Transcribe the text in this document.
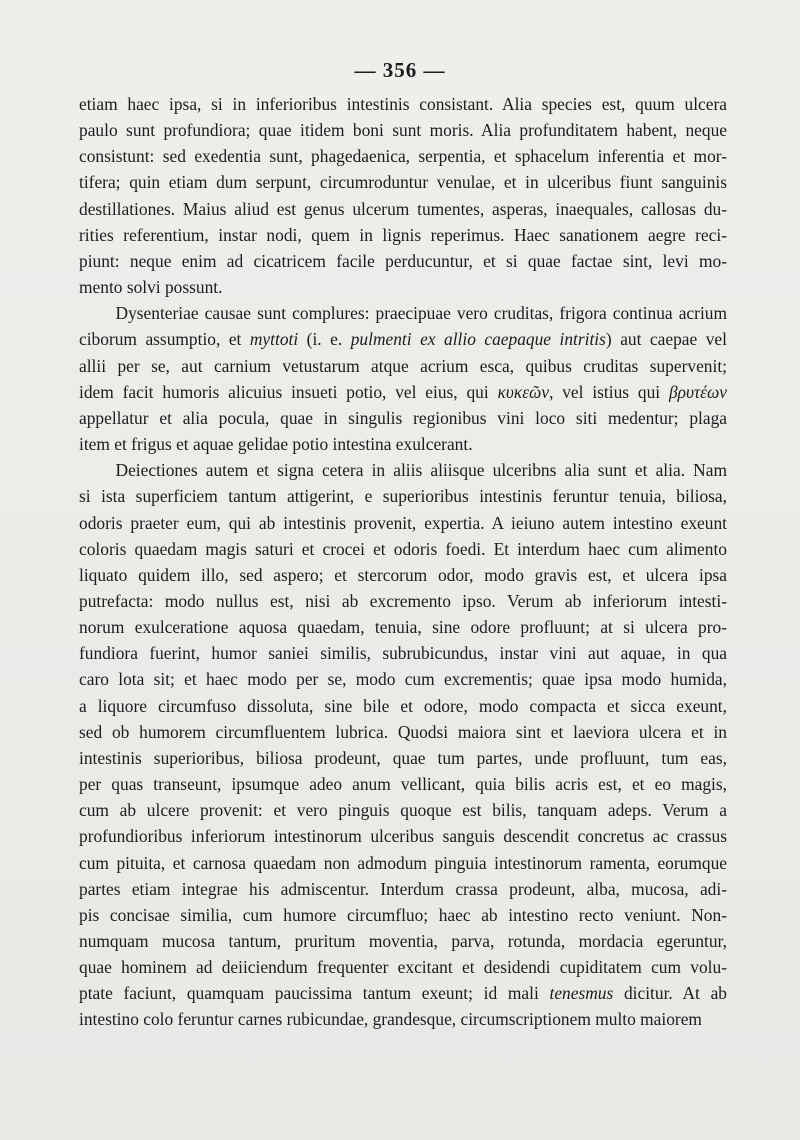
— 356 —
etiam haec ipsa, si in inferioribus intestinis consistant. Alia species est, quum ulcera
paulo sunt profundiora; quae itidem boni sunt moris. Alia profunditatem habent, neque
consistunt: sed exedentia sunt, phagedaenica, serpentia, et sphacelum inferentia et mor-
tifera; quin etiam dum serpunt, circumroduntur venulae, et in ulceribus fiunt sanguinis
destillationes. Maius aliud est genus ulcerum tumentes, asperas, inaequales, callosas du-
rities referentium, instar nodi, quem in lignis reperimus. Haec sanationem aegre reci-
piunt: neque enim ad cicatricem facile perducuntur, et si quae factae sint, levi mo-
mento solvi possunt.
Dysenteriae causae sunt complures: praecipuae vero cruditas, frigora continua acrium
ciborum assumptio, et myttoti (i. e. pulmenti ex allio caepaque intritis) aut caepae vel
allii per se, aut carnium vetustarum atque acrium esca, quibus cruditas supervenit;
idem facit humoris alicuius insueti potio, vel eius, qui κυκεῶν, vel istius qui βρυτέων
appellatur et alia pocula, quae in singulis regionibus vini loco siti medentur; plaga
item et frigus et aquae gelidae potio intestina exulcerant.
Deiectiones autem et signa cetera in aliis aliisque ulceribns alia sunt et alia. Nam
si ista superficiem tantum attigerint, e superioribus intestinis feruntur tenuia, biliosa,
odoris praeter eum, qui ab intestinis provenit, expertia. A ieiuno autem intestino exeunt
coloris quaedam magis saturi et crocei et odoris foedi. Et interdum haec cum alimento
liquato quidem illo, sed aspero; et stercorum odor, modo gravis est, et ulcera ipsa
putrefacta: modo nullus est, nisi ab excremento ipso. Verum ab inferiorum intesti-
norum exulceratione aquosa quaedam, tenuia, sine odore profluunt; at si ulcera pro-
fundiora fuerint, humor saniei similis, subrubicundus, instar vini aut aquae, in qua
caro lota sit; et haec modo per se, modo cum excrementis; quae ipsa modo humida,
a liquore circumfuso dissoluta, sine bile et odore, modo compacta et sicca exeunt,
sed ob humorem circumfluentem lubrica. Quodsi maiora sint et laeviora ulcera et in
intestinis superioribus, biliosa prodeunt, quae tum partes, unde profluunt, tum eas,
per quas transeunt, ipsumque adeo anum vellicant, quia bilis acris est, et eo magis,
cum ab ulcere provenit: et vero pinguis quoque est bilis, tanquam adeps. Verum a
profundioribus inferiorum intestinorum ulceribus sanguis descendit concretus ac crassus
cum pituita, et carnosa quaedam non admodum pinguia intestinorum ramenta, eorumque
partes etiam integrae his admiscentur. Interdum crassa prodeunt, alba, mucosa, adi-
pis concisae similia, cum humore circumfluo; haec ab intestino recto veniunt. Non-
numquam mucosa tantum, pruritum moventia, parva, rotunda, mordacia egeruntur,
quae hominem ad deiiciendum frequenter excitant et desidendi cupiditatem cum volu-
ptate faciunt, quamquam paucissima tantum exeunt; id mali tenesmus dicitur. At ab
intestino colo feruntur carnes rubicundae, grandesque, circumscriptionem multo maiorem
